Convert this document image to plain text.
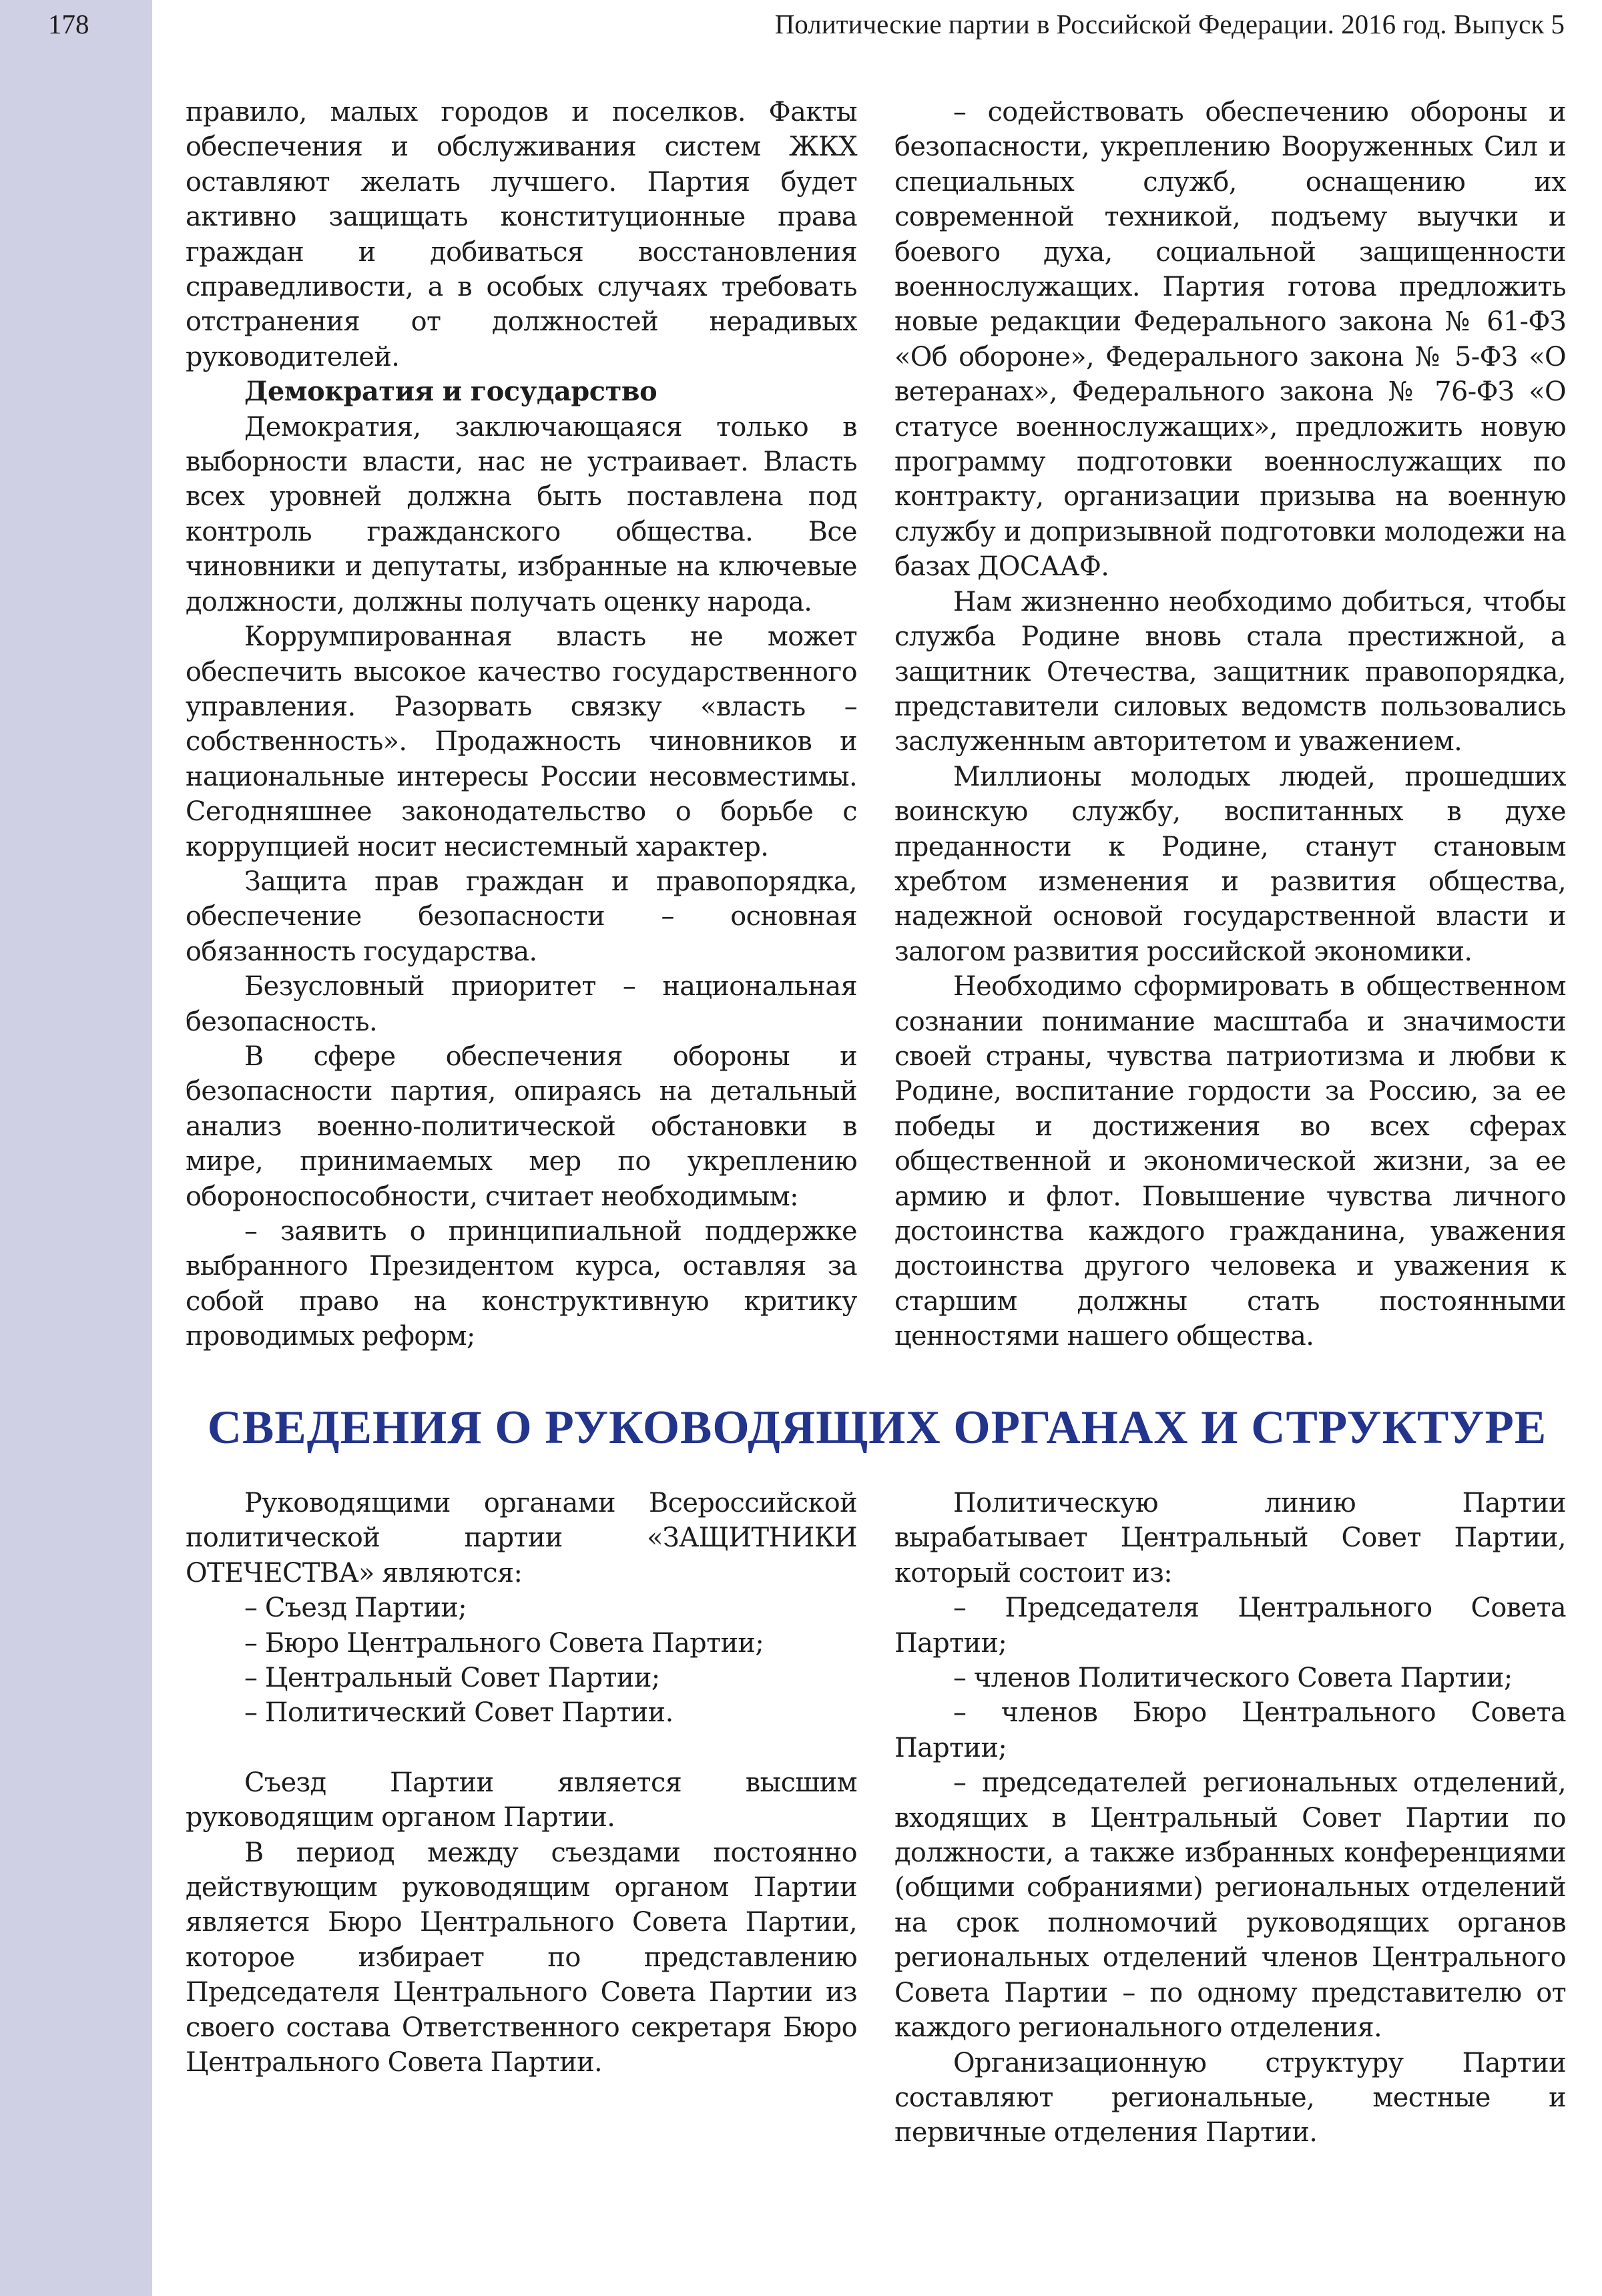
178	Политические партии в Российской Федерации. 2016 год. Выпуск 5

правило, малых городов и поселков. Факты обеспечения и обслуживания систем ЖКХ оставляют желать лучшего. Партия будет активно защищать конституционные права граждан и добиваться восстановления справедливости, а в особых случаях требовать отстранения от должностей нерадивых руководителей.

Демократия и государство

Демократия, заключающаяся только в выборности власти, нас не устраивает. Власть всех уровней должна быть поставлена под контроль гражданского общества. Все чиновники и депутаты, избранные на ключевые должности, должны получать оценку народа.

Коррумпированная власть не может обеспечить высокое качество государственного управления. Разорвать связку «власть – собственность». Продажность чиновников и национальные интересы России несовместимы. Сегодняшнее законодательство о борьбе с коррупцией носит несистемный характер.

Защита прав граждан и правопорядка, обеспечение безопасности – основная обязанность государства.

Безусловный приоритет – национальная безопасность.

В сфере обеспечения обороны и безопасности партия, опираясь на детальный анализ военно-политической обстановки в мире, принимаемых мер по укреплению обороноспособности, считает необходимым:

– заявить о принципиальной поддержке выбранного Президентом курса, оставляя за собой право на конструктивную критику проводимых реформ;

– содействовать обеспечению обороны и безопасности, укреплению Вооруженных Сил и специальных служб, оснащению их современной техникой, подъему выучки и боевого духа, социальной защищенности военнослужащих. Партия готова предложить новые редакции Федерального закона № 61-ФЗ «Об обороне», Федерального закона № 5-ФЗ «О ветеранах», Федерального закона № 76-ФЗ «О статусе военнослужащих», предложить новую программу подготовки военнослужащих по контракту, организации призыва на военную службу и допризывной подготовки молодежи на базах ДОСААФ.

Нам жизненно необходимо добиться, чтобы служба Родине вновь стала престижной, а защитник Отечества, защитник правопорядка, представители силовых ведомств пользовались заслуженным авторитетом и уважением.

Миллионы молодых людей, прошедших воинскую службу, воспитанных в духе преданности к Родине, станут становым хребтом изменения и развития общества, надежной основой государственной власти и залогом развития российской экономики.

Необходимо сформировать в общественном сознании понимание масштаба и значимости своей страны, чувства патриотизма и любви к Родине, воспитание гордости за Россию, за ее победы и достижения во всех сферах общественной и экономической жизни, за ее армию и флот. Повышение чувства личного достоинства каждого гражданина, уважения достоинства другого человека и уважения к старшим должны стать постоянными ценностями нашего общества.

СВЕДЕНИЯ О РУКОВОДЯЩИХ ОРГАНАХ И СТРУКТУРЕ

Руководящими органами Всероссийской политической партии «ЗАЩИТНИКИ ОТЕЧЕСТВА» являются:

– Съезд Партии;

– Бюро Центрального Совета Партии;

– Центральный Совет Партии;

– Политический Совет Партии.

Съезд Партии является высшим руководящим органом Партии.

В период между съездами постоянно действующим руководящим органом Партии является Бюро Центрального Совета Партии, которое избирает по представлению Председателя Центрального Совета Партии из своего состава Ответственного секретаря Бюро Центрального Совета Партии.

Политическую линию Партии вырабатывает Центральный Совет Партии, который состоит из:

– Председателя Центрального Совета Партии;

– членов Политического Совета Партии;

– членов Бюро Центрального Совета Партии;

– председателей региональных отделений, входящих в Центральный Совет Партии по должности, а также избранных конференциями (общими собраниями) региональных отделений на срок полномочий руководящих органов региональных отделений членов Центрального Совета Партии – по одному представителю от каждого регионального отделения.

Организационную структуру Партии составляют региональные, местные и первичные отделения Партии.
